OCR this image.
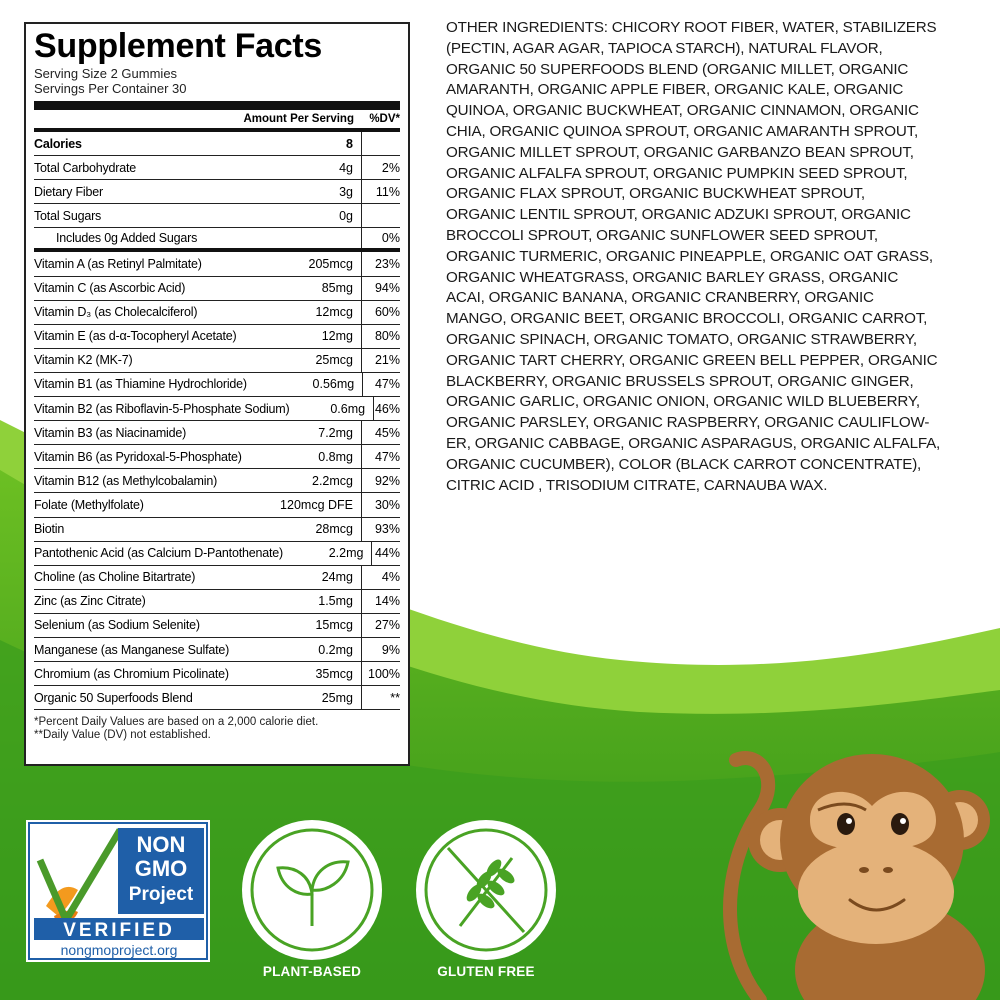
Supplement Facts
Serving Size 2 Gummies
Servings Per Container 30
Amount Per Serving	%DV*
Calories	8
Total Carbohydrate	4g	2%
Dietary Fiber	3g	11%
Total Sugars	0g
Includes 0g Added Sugars	0%
Vitamin A (as Retinyl Palmitate)	205mcg	23%
Vitamin C (as Ascorbic Acid)	85mg	94%
Vitamin D₃ (as Cholecalciferol)	12mcg	60%
Vitamin E (as d-α-Tocopheryl Acetate)	12mg	80%
Vitamin K2 (MK-7)	25mcg	21%
Vitamin B1 (as Thiamine Hydrochloride)	0.56mg	47%
Vitamin B2 (as Riboflavin-5-Phosphate Sodium)	0.6mg 46%
Vitamin B3 (as Niacinamide)	7.2mg	45%
Vitamin B6 (as Pyridoxal-5-Phosphate)	0.8mg	47%
Vitamin B12 (as Methylcobalamin)	2.2mcg	92%
Folate (Methylfolate)	120mcg DFE	30%
Biotin	28mcg	93%
Pantothenic Acid (as Calcium D-Pantothenate)	2.2mg 44%
Choline (as Choline Bitartrate)	24mg	4%
Zinc (as Zinc Citrate)	1.5mg	14%
Selenium (as Sodium Selenite)	15mcg	27%
Manganese (as Manganese Sulfate)	0.2mg	9%
Chromium (as Chromium Picolinate)	35mcg	100%
Organic 50 Superfoods Blend	25mg	**
*Percent Daily Values are based on a 2,000 calorie diet.
**Daily Value (DV) not established.

OTHER INGREDIENTS: CHICORY ROOT FIBER, WATER, STABILIZERS

(PECTIN, AGAR AGAR, TAPIOCA STARCH), NATURAL FLAVOR,

ORGANIC 50 SUPERFOODS BLEND (ORGANIC MILLET, ORGANIC

AMARANTH, ORGANIC APPLE FIBER, ORGANIC KALE, ORGANIC

QUINOA, ORGANIC BUCKWHEAT, ORGANIC CINNAMON, ORGANIC

CHIA, ORGANIC QUINOA SPROUT, ORGANIC AMARANTH SPROUT,

ORGANIC MILLET SPROUT, ORGANIC GARBANZO BEAN SPROUT,

ORGANIC ALFALFA SPROUT, ORGANIC PUMPKIN SEED SPROUT,

ORGANIC FLAX SPROUT, ORGANIC BUCKWHEAT SPROUT,

ORGANIC LENTIL SPROUT, ORGANIC ADZUKI SPROUT, ORGANIC

BROCCOLI SPROUT, ORGANIC SUNFLOWER SEED SPROUT,

ORGANIC TURMERIC, ORGANIC PINEAPPLE, ORGANIC OAT GRASS,

ORGANIC WHEATGRASS, ORGANIC BARLEY GRASS, ORGANIC

ACAI, ORGANIC BANANA, ORGANIC CRANBERRY, ORGANIC

MANGO, ORGANIC BEET, ORGANIC BROCCOLI, ORGANIC CARROT,

ORGANIC SPINACH, ORGANIC TOMATO, ORGANIC STRAWBERRY,

ORGANIC TART CHERRY, ORGANIC GREEN BELL PEPPER, ORGANIC

BLACKBERRY, ORGANIC BRUSSELS SPROUT, ORGANIC GINGER,

ORGANIC GARLIC, ORGANIC ONION, ORGANIC WILD BLUEBERRY,

ORGANIC PARSLEY, ORGANIC RASPBERRY, ORGANIC CAULIFLOW-

ER, ORGANIC CABBAGE, ORGANIC ASPARAGUS, ORGANIC ALFALFA,

ORGANIC CUCUMBER), COLOR (BLACK CARROT CONCENTRATE),

CITRIC ACID , TRISODIUM CITRATE, CARNAUBA WAX.

NON
GMO
Project
VERIFIED
nongmoproject.org
PLANT-BASED	GLUTEN FREE
